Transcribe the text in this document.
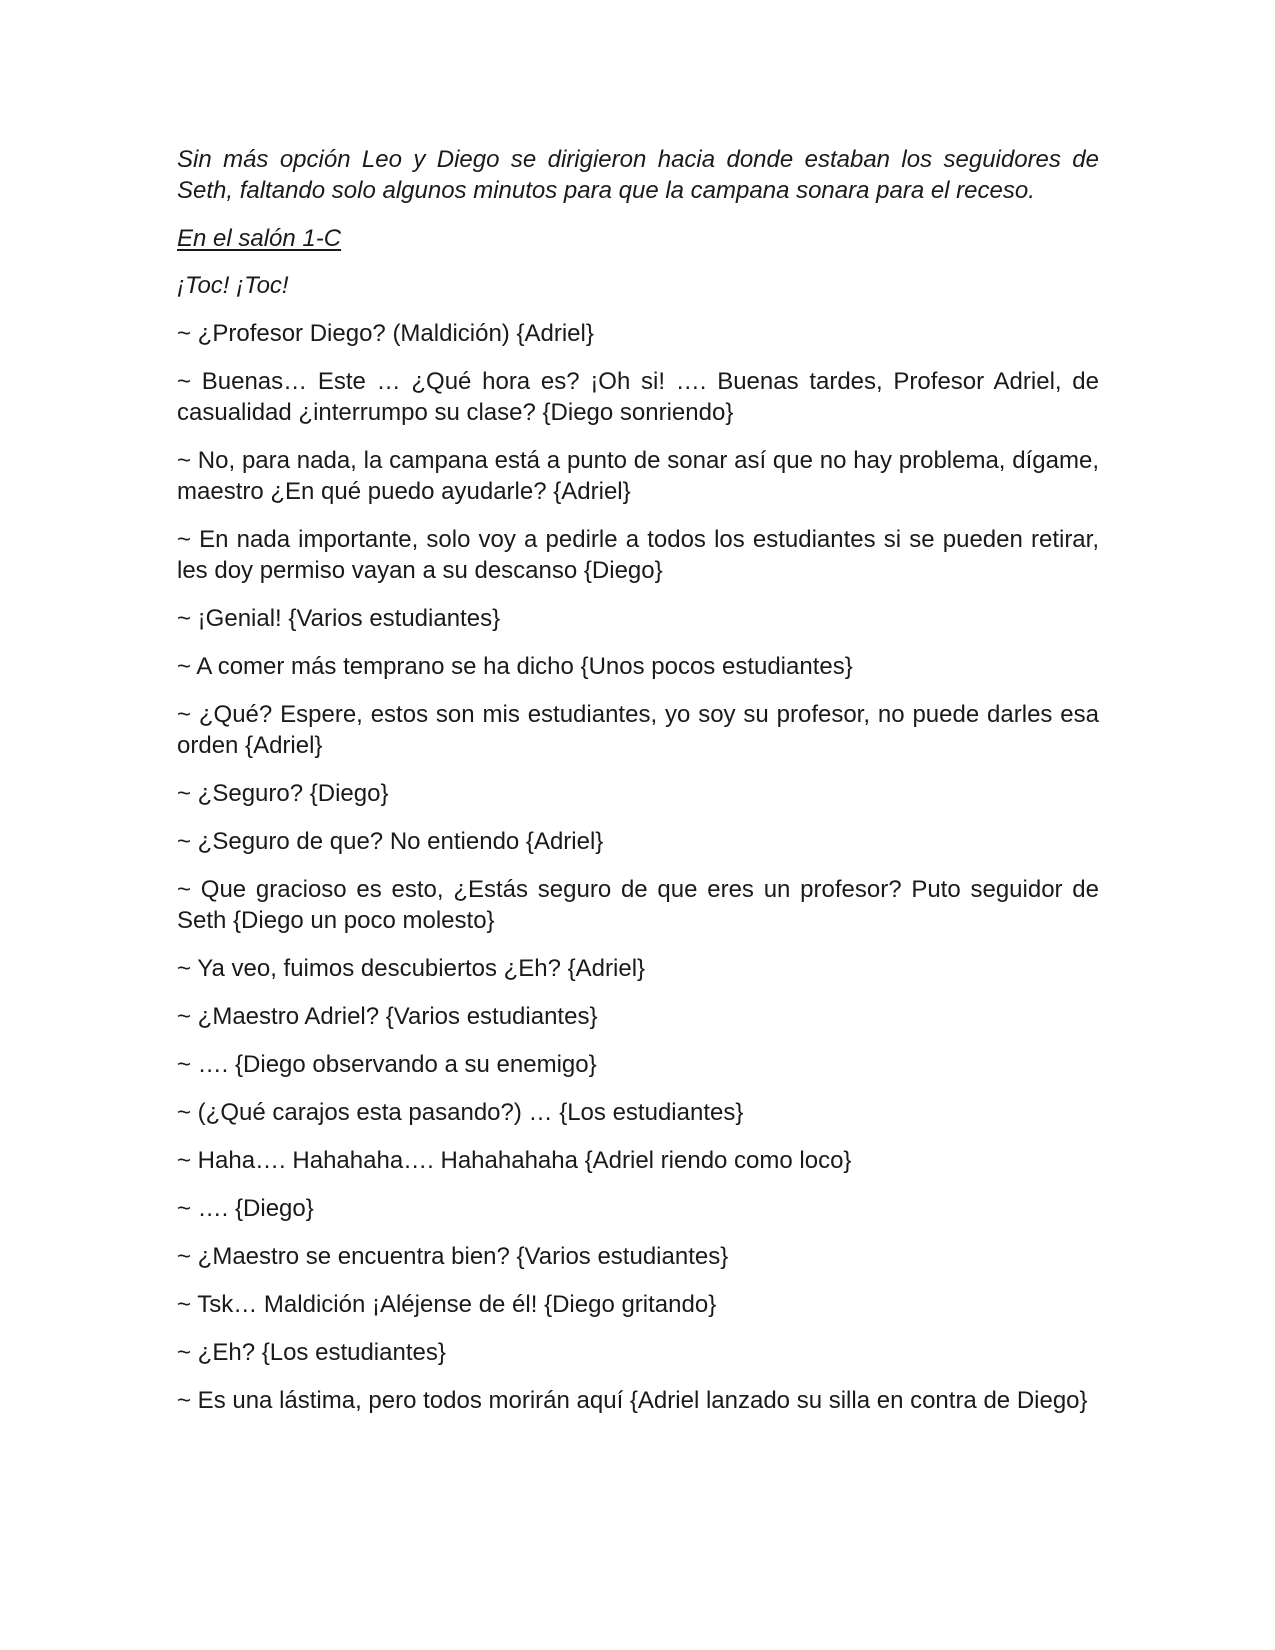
Sin más opción Leo y Diego se dirigieron hacia donde estaban los seguidores de Seth, faltando solo algunos minutos para que la campana sonara para el receso.

En el salón 1-C

¡Toc! ¡Toc!

~ ¿Profesor Diego? (Maldición) {Adriel}

~ Buenas… Este … ¿Qué hora es? ¡Oh si! …. Buenas tardes, Profesor Adriel, de casualidad ¿interrumpo su clase? {Diego sonriendo}

~ No, para nada, la campana está a punto de sonar así que no hay problema, dígame, maestro ¿En qué puedo ayudarle? {Adriel}

~ En nada importante, solo voy a pedirle a todos los estudiantes si se pueden retirar, les doy permiso vayan a su descanso {Diego}

~ ¡Genial! {Varios estudiantes}

~ A comer más temprano se ha dicho {Unos pocos estudiantes}

~ ¿Qué? Espere, estos son mis estudiantes, yo soy su profesor, no puede darles esa orden {Adriel}

~ ¿Seguro? {Diego}

~ ¿Seguro de que? No entiendo {Adriel}

~ Que gracioso es esto, ¿Estás seguro de que eres un profesor? Puto seguidor de Seth {Diego un poco molesto}

~ Ya veo, fuimos descubiertos ¿Eh? {Adriel}

~ ¿Maestro Adriel? {Varios estudiantes}

~ …. {Diego observando a su enemigo}

~ (¿Qué carajos esta pasando?) … {Los estudiantes}

~ Haha…. Hahahaha…. Hahahahaha {Adriel riendo como loco}

~ …. {Diego}

~ ¿Maestro se encuentra bien? {Varios estudiantes}

~ Tsk… Maldición ¡Aléjense de él! {Diego gritando}

~ ¿Eh? {Los estudiantes}

~ Es una lástima, pero todos morirán aquí {Adriel lanzado su silla en contra de Diego}
